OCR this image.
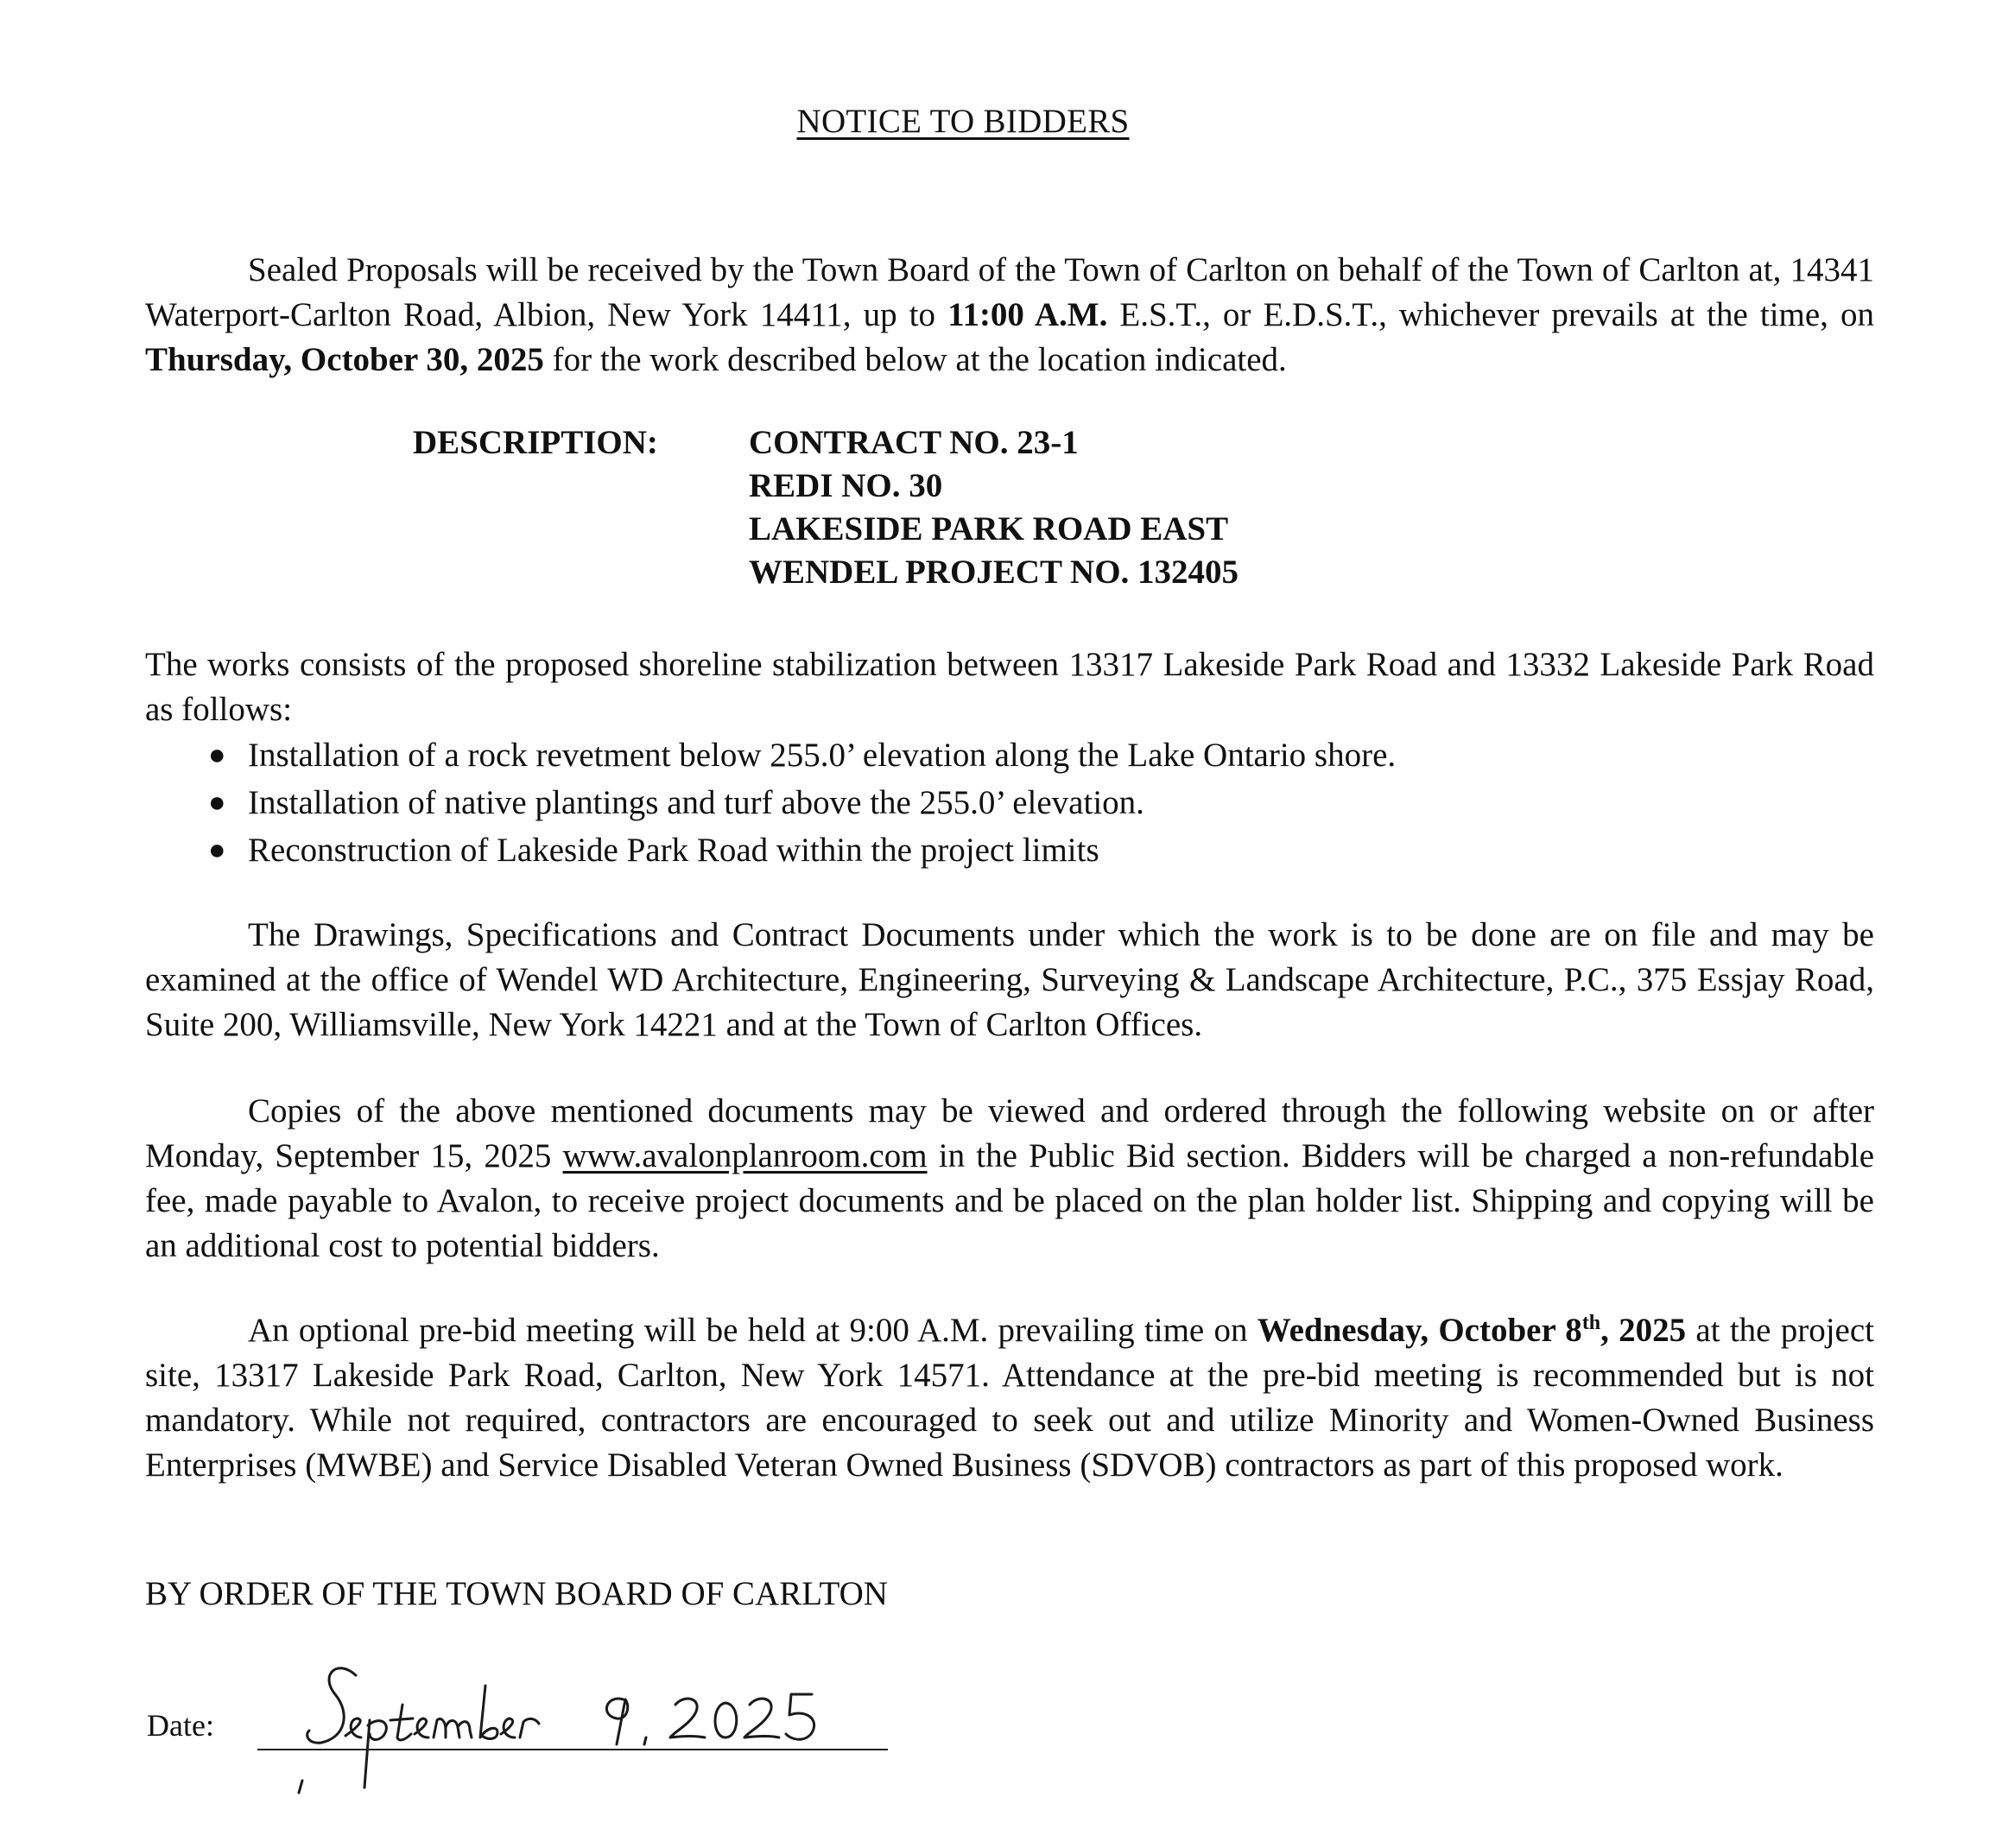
NOTICE TO BIDDERS

Sealed Proposals will be received by the Town Board of the Town of Carlton on behalf of the Town of Carlton at, 14341 Waterport-Carlton Road, Albion, New York 14411, up to 11:00 A.M. E.S.T., or E.D.S.T., whichever prevails at the time, on Thursday, October 30, 2025 for the work described below at the location indicated.

DESCRIPTION:	CONTRACT NO. 23-1
REDI NO. 30
LAKESIDE PARK ROAD EAST
WENDEL PROJECT NO. 132405

The works consists of the proposed shoreline stabilization between 13317 Lakeside Park Road and 13332 Lakeside Park Road as follows:

● Installation of a rock revetment below 255.0’ elevation along the Lake Ontario shore.
● Installation of native plantings and turf above the 255.0’ elevation.
● Reconstruction of Lakeside Park Road within the project limits

The Drawings, Specifications and Contract Documents under which the work is to be done are on file and may be examined at the office of Wendel WD Architecture, Engineering, Surveying & Landscape Architecture, P.C., 375 Essjay Road, Suite 200, Williamsville, New York 14221 and at the Town of Carlton Offices.

Copies of the above mentioned documents may be viewed and ordered through the following website on or after Monday, September 15, 2025 www.avalonplanroom.com in the Public Bid section. Bidders will be charged a non-refundable fee, made payable to Avalon, to receive project documents and be placed on the plan holder list. Shipping and copying will be an additional cost to potential bidders.

An optional pre-bid meeting will be held at 9:00 A.M. prevailing time on Wednesday, October 8th, 2025 at the project site, 13317 Lakeside Park Road, Carlton, New York 14571. Attendance at the pre-bid meeting is recommended but is not mandatory. While not required, contractors are encouraged to seek out and utilize Minority and Women-Owned Business Enterprises (MWBE) and Service Disabled Veteran Owned Business (SDVOB) contractors as part of this proposed work.

BY ORDER OF THE TOWN BOARD OF CARLTON
Date:
